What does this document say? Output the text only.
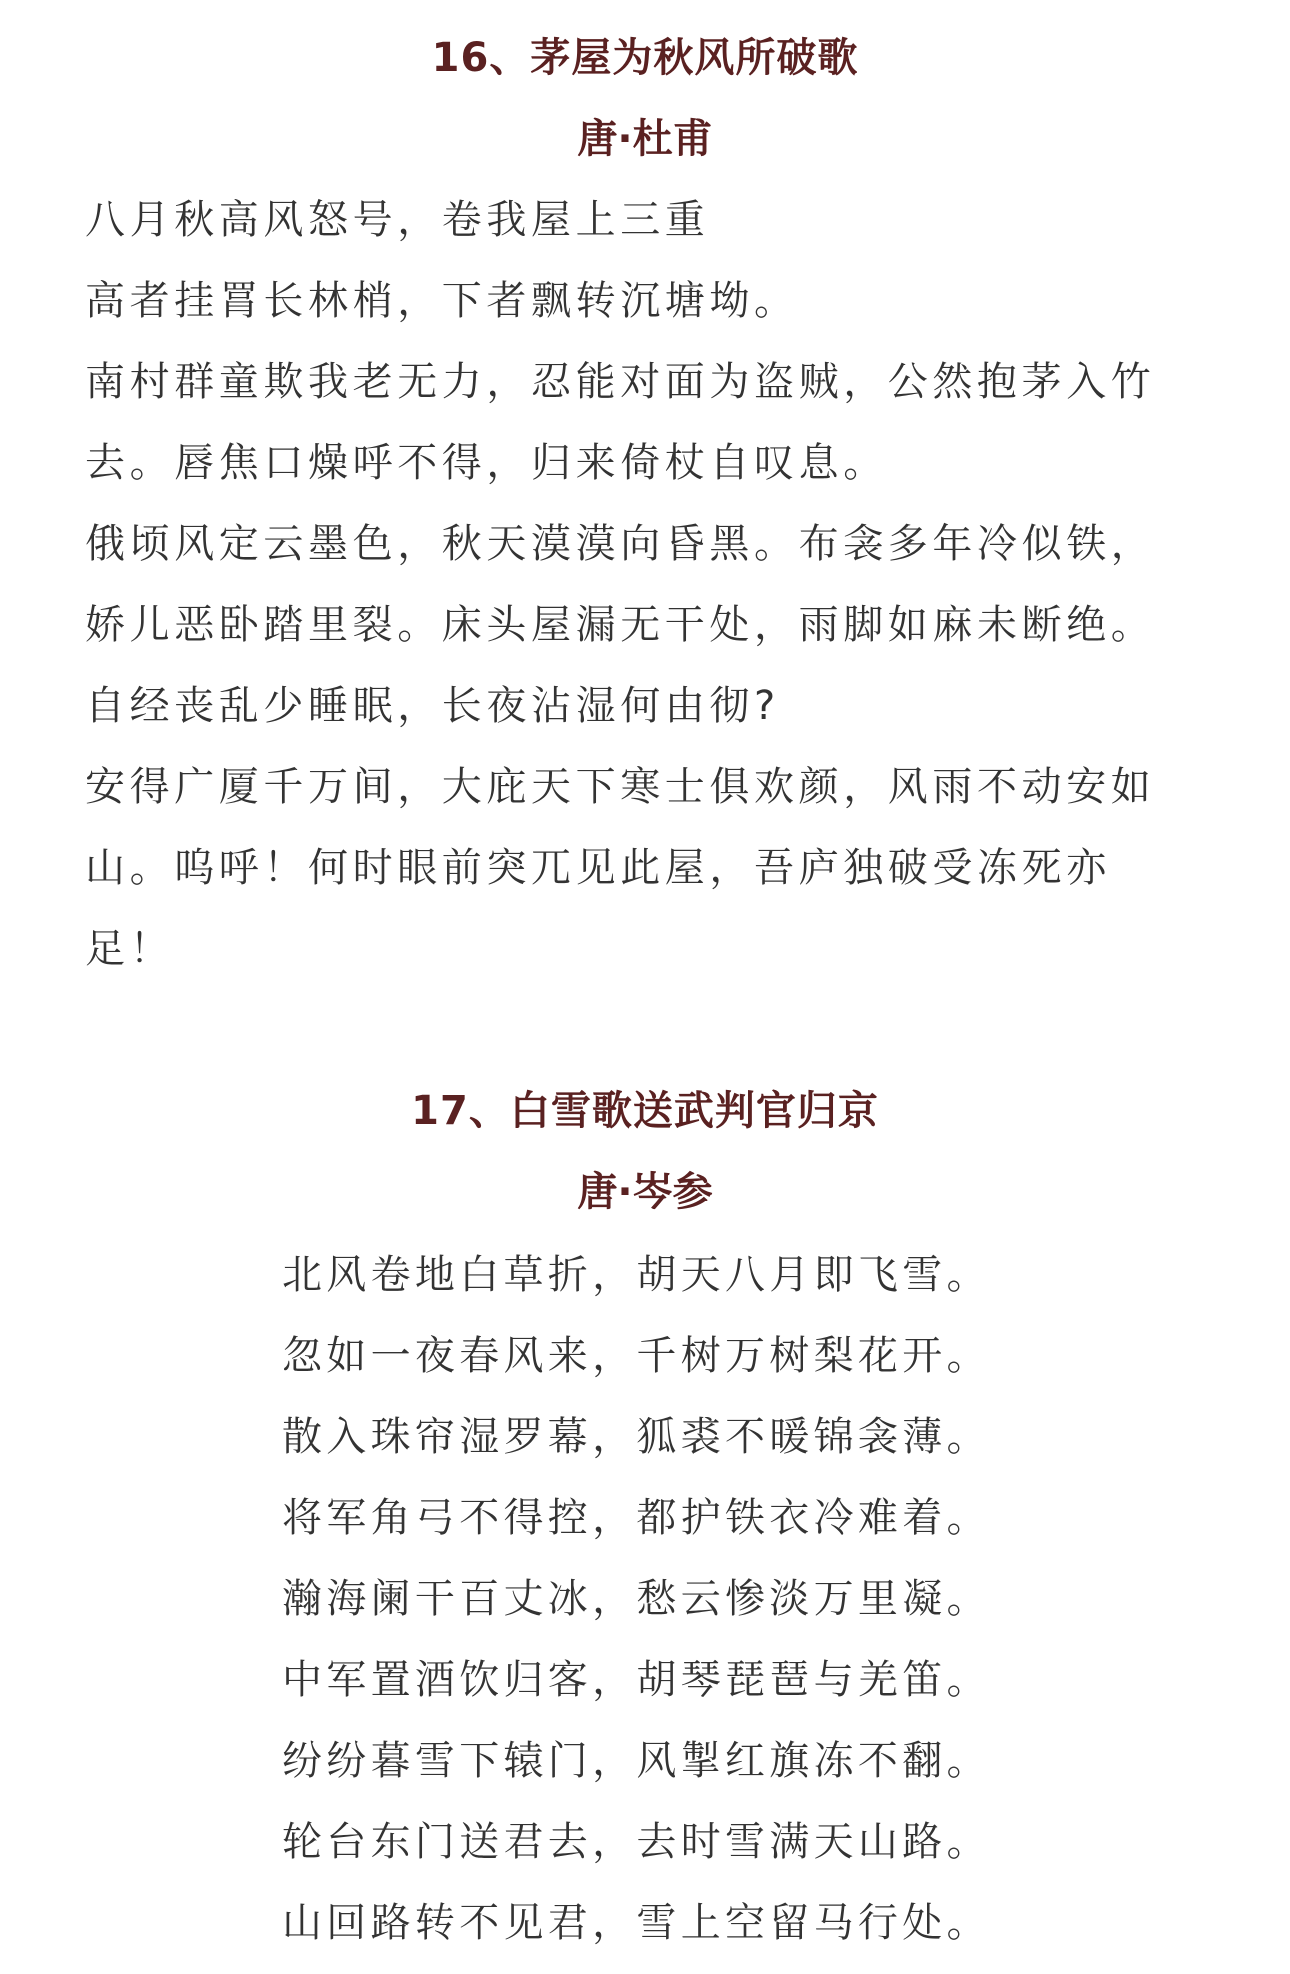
16、茅屋为秋风所破歌
唐·杜甫
八月秋高风怒号，卷我屋上三重
高者挂罥长林梢，下者飘转沉塘坳。
南村群童欺我老无力，忍能对面为盗贼，公然抱茅入竹
去。唇焦口燥呼不得，归来倚杖自叹息。
俄顷风定云墨色，秋天漠漠向昏黑。布衾多年冷似铁，
娇儿恶卧踏里裂。床头屋漏无干处，雨脚如麻未断绝。
自经丧乱少睡眠，长夜沾湿何由彻?
安得广厦千万间，大庇天下寒士俱欢颜，风雨不动安如
山。呜呼！何时眼前突兀见此屋，吾庐独破受冻死亦
足！
17、白雪歌送武判官归京
唐·岑参
北风卷地白草折，胡天八月即飞雪。
忽如一夜春风来，千树万树梨花开。
散入珠帘湿罗幕，狐裘不暖锦衾薄。
将军角弓不得控，都护铁衣冷难着。
瀚海阑干百丈冰，愁云惨淡万里凝。
中军置酒饮归客，胡琴琵琶与羌笛。
纷纷暮雪下辕门，风掣红旗冻不翻。
轮台东门送君去，去时雪满天山路。
山回路转不见君，雪上空留马行处。
